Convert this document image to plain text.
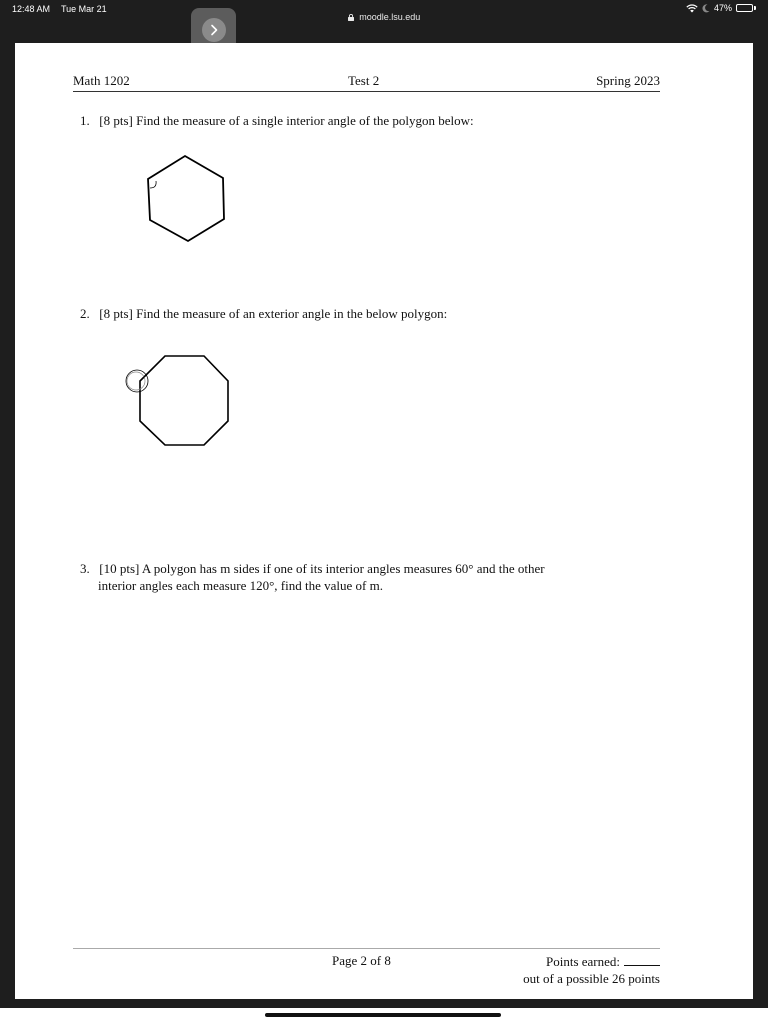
12:48 AM Tue Mar 21	47%
moodle.lsu.edu
Math 1202	Test 2	Spring 2023
1. [8 pts] Find the measure of a single interior angle of the polygon below:
2. [8 pts] Find the measure of an exterior angle in the below polygon:
3. [10 pts] A polygon has m sides if one of its interior angles measures 60° and the other
interior angles each measure 120°, find the value of m.
Page 2 of 8	Points earned:
out of a possible 26 points
